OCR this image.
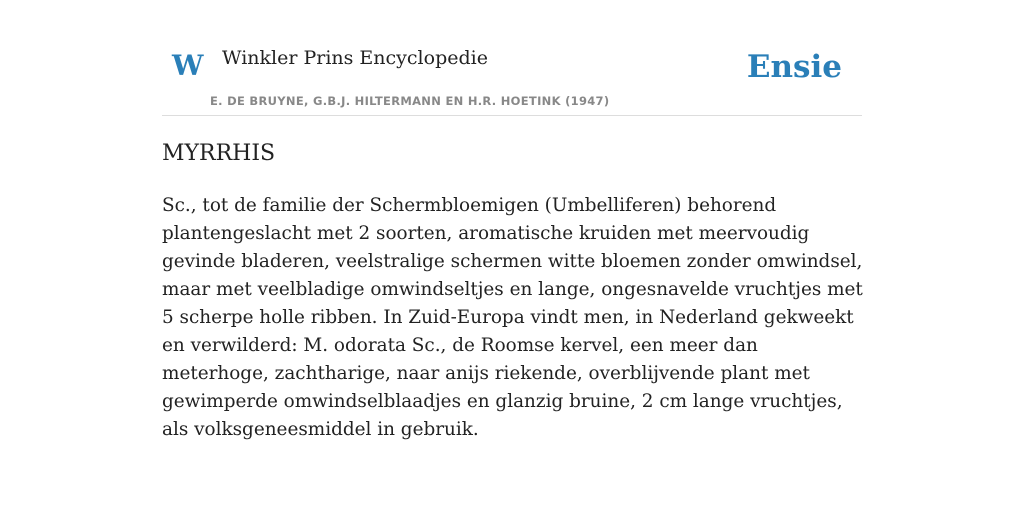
W Winkler Prins Encyclopedie
E. DE BRUYNE, G.B.J. HILTERMANN EN H.R. HOETINK (1947)
Ensie
MYRRHIS

Sc., tot de familie der Schermbloemigen (Umbelliferen) behorend plantengeslacht met 2 soorten, aromatische kruiden met meervoudig gevinde bladeren, veelstralige schermen witte bloemen zonder omwindsel, maar met veelbladige omwindseltjes en lange, ongesnavelde vruchtjes met 5 scherpe holle ribben. In Zuid-Europa vindt men, in Nederland gekweekt en verwilderd: M. odorata Sc., de Roomse kervel, een meer dan meterhoge, zachtharige, naar anijs riekende, overblijvende plant met gewimperde omwindselblaadjes en glanzig bruine, 2 cm lange vruchtjes, als volksgeneesmiddel in gebruik.
